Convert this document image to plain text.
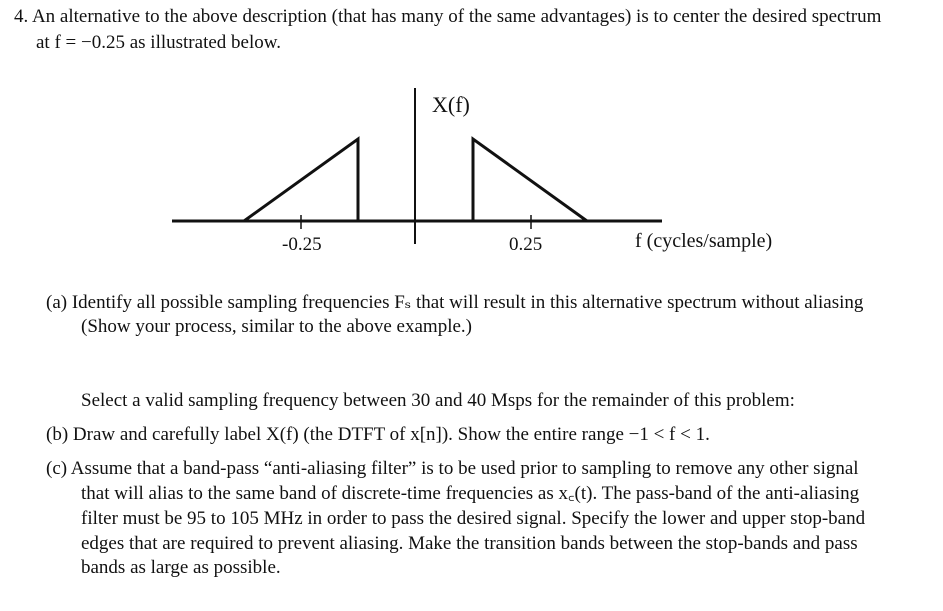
4. An alternative to the above description (that has many of the same advantages) is to center the desired spectrum
at f = −0.25 as illustrated below.
X(f)
-0.25	0.25	f (cycles/sample)
(a) Identify all possible sampling frequencies Fₛ that will result in this alternative spectrum without aliasing
(Show your process, similar to the above example.)
Select a valid sampling frequency between 30 and 40 Msps for the remainder of this problem:
(b) Draw and carefully label X(f) (the DTFT of x[n]). Show the entire range −1 < f < 1.
(c) Assume that a band-pass “anti-aliasing filter” is to be used prior to sampling to remove any other signal
that will alias to the same band of discrete-time frequencies as x꜀(t). The pass-band of the anti-aliasing
filter must be 95 to 105 MHz in order to pass the desired signal. Specify the lower and upper stop-band
edges that are required to prevent aliasing. Make the transition bands between the stop-bands and pass
bands as large as possible.
